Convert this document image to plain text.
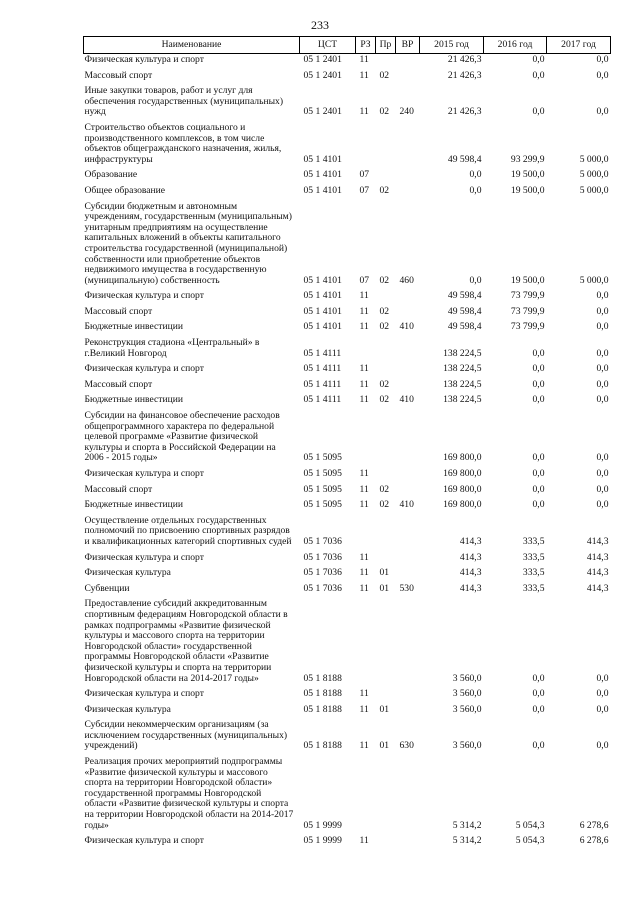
233
Наименование	ЦСТ	РЗ	Пр	ВР	2015 год	2016 год	2017 год
Физическая культура и спорт	05 1 2401	11			21 426,3	0,0	0,0
Массовый спорт	05 1 2401	11	02		21 426,3	0,0	0,0
Иные закупки товаров, работ и услуг для обеспечения государственных (муниципальных) нужд	05 1 2401	11	02	240	21 426,3	0,0	0,0
Строительство объектов социального и производственного комплексов, в том числе объектов общегражданского назначения, жилья, инфраструктуры	05 1 4101				49 598,4	93 299,9	5 000,0
Образование	05 1 4101	07			0,0	19 500,0	5 000,0
Общее образование	05 1 4101	07	02		0,0	19 500,0	5 000,0
Субсидии бюджетным и автономным учреждениям, государственным (муниципальным) унитарным предприятиям на осуществление капитальных вложений в объекты капитального строительства государственной (муниципальной) собственности или приобретение объектов недвижимого имущества в государственную (муниципальную) собственность	05 1 4101	07	02	460	0,0	19 500,0	5 000,0
Физическая культура и спорт	05 1 4101	11			49 598,4	73 799,9	0,0
Массовый спорт	05 1 4101	11	02		49 598,4	73 799,9	0,0
Бюджетные инвестиции	05 1 4101	11	02	410	49 598,4	73 799,9	0,0
Реконструкция стадиона «Центральный» в г.Великий Новгород	05 1 4111				138 224,5	0,0	0,0
Физическая культура и спорт	05 1 4111	11			138 224,5	0,0	0,0
Массовый спорт	05 1 4111	11	02		138 224,5	0,0	0,0
Бюджетные инвестиции	05 1 4111	11	02	410	138 224,5	0,0	0,0
Субсидии на финансовое обеспечение расходов общепрограммного характера по федеральной целевой программе «Развитие физической культуры и спорта в Российской Федерации на 2006 - 2015 годы»	05 1 5095				169 800,0	0,0	0,0
Физическая культура и спорт	05 1 5095	11			169 800,0	0,0	0,0
Массовый спорт	05 1 5095	11	02		169 800,0	0,0	0,0
Бюджетные инвестиции	05 1 5095	11	02	410	169 800,0	0,0	0,0
Осуществление отдельных государственных полномочий по присвоению спортивных разрядов и квалификационных категорий спортивных судей	05 1 7036				414,3	333,5	414,3
Физическая культура и спорт	05 1 7036	11			414,3	333,5	414,3
Физическая культура	05 1 7036	11	01		414,3	333,5	414,3
Субвенции	05 1 7036	11	01	530	414,3	333,5	414,3
Предоставление субсидий аккредитованным спортивным федерациям Новгородской области в рамках подпрограммы «Развитие физической культуры и массового спорта на территории Новгородской области» государственной программы Новгородской области «Развитие физической культуры и спорта на территории Новгородской области на 2014-2017 годы»	05 1 8188				3 560,0	0,0	0,0
Физическая культура и спорт	05 1 8188	11			3 560,0	0,0	0,0
Физическая культура	05 1 8188	11	01		3 560,0	0,0	0,0
Субсидии некоммерческим организациям (за исключением государственных (муниципальных) учреждений)	05 1 8188	11	01	630	3 560,0	0,0	0,0
Реализация прочих мероприятий подпрограммы «Развитие физической культуры и массового спорта на территории Новгородской области» государственной программы Новгородской области «Развитие физической культуры и спорта на территории Новгородской области на 2014-2017 годы»	05 1 9999				5 314,2	5 054,3	6 278,6
Физическая культура и спорт	05 1 9999	11			5 314,2	5 054,3	6 278,6
